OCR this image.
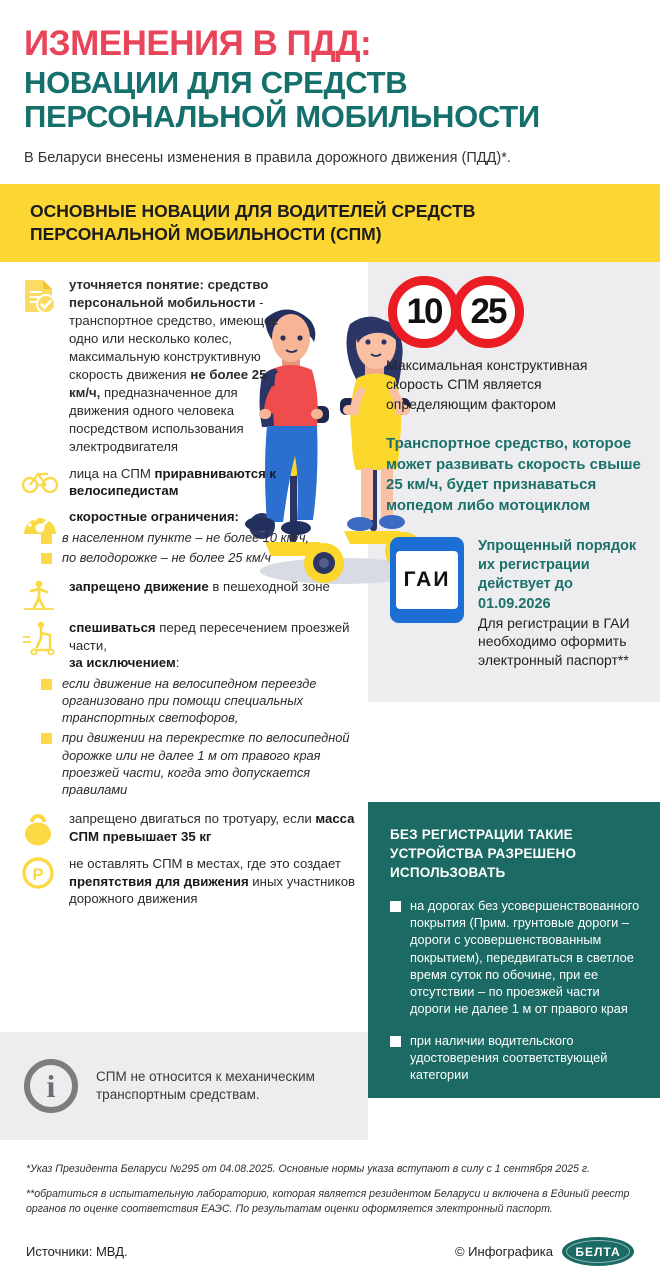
ИЗМЕНЕНИЯ В ПДД:
НОВАЦИИ ДЛЯ СРЕДСТВ
ПЕРСОНАЛЬНОЙ МОБИЛЬНОСТИ
В Беларуси внесены изменения в правила дорожного движения (ПДД)*.
ОСНОВНЫЕ НОВАЦИИ ДЛЯ ВОДИТЕЛЕЙ СРЕДСТВ
ПЕРСОНАЛЬНОЙ МОБИЛЬНОСТИ (СПМ)
уточняется понятие: средство персональной мобильности - транспортное средство, имеющее одно или несколько колес, максимальную конструктивную скорость движения не более 25 км/ч, предназначенное для движения одного человека посредством использования электродвигателя
лица на СПМ приравниваются к велосипедистам
скоростные ограничения:
в населенном пункте – не более 10 км/ч,
по велодорожке – не более 25 км/ч
запрещено движение в пешеходной зоне
спешиваться перед пересечением проезжей части,
за исключением:
если движение на велосипедном переезде организовано при помощи специальных транспортных светофоров,
при движении на перекрестке по велосипедной дорожке или не далее 1 м от правого края проезжей части, когда это допускается правилами
запрещено двигаться по тротуару, если масса СПМ превышает 35 кг
P
не оставлять СПМ в местах, где это создает препятствия для движения иных участников дорожного движения
10 25
Максимальная конструктивная скорость СПМ является определяющим фактором
Транспортное средство, которое может развивать скорость свыше 25 км/ч, будет признаваться мопедом либо мотоциклом
ГАИ
Упрощенный порядок
их регистрации
действует до
01.09.2026
Для регистрации в ГАИ необходимо оформить электронный паспорт**
БЕЗ РЕГИСТРАЦИИ ТАКИЕ
УСТРОЙСТВА РАЗРЕШЕНО
ИСПОЛЬЗОВАТЬ
на дорогах без усовершенствованного покрытия (Прим. грунтовые дороги – дороги с усовершенствованным покрытием), передвигаться в светлое время суток по обочине, при ее отсутствии – по проезжей части дороги не далее 1 м от правого края
при наличии водительского удостоверения соответствующей категории
i	СПМ не относится к механическим транспортным средствам.
*Указ Президента Беларуси №295 от 04.08.2025. Основные нормы указа вступают в силу с 1 сентября 2025 г.
**обратиться в испытательную лабораторию, которая является резидентом Беларуси и включена в Единый реестр органов по оценке соответствия ЕАЭС. По результатам оценки оформляется электронный паспорт.
Источники: МВД.	© Инфографика	БЕЛТА
